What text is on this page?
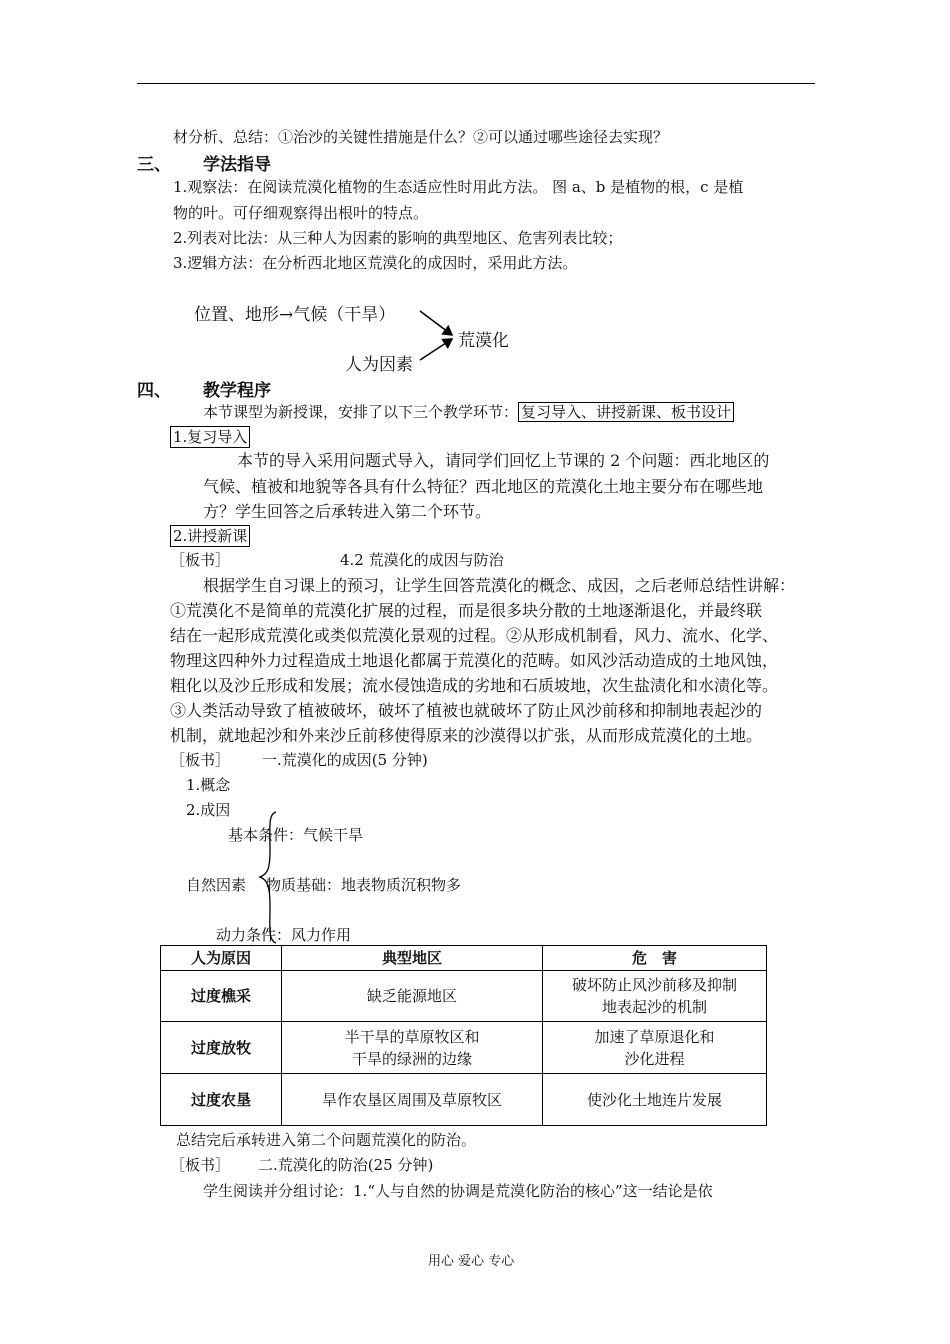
材分析、总结：①治沙的关键性措施是什么？②可以通过哪些途径去实现？
三、 学法指导
1.观察法：在阅读荒漠化植物的生态适应性时用此方法。 图 a、b 是植物的根，c 是植
物的叶。可仔细观察得出根叶的特点。
2.列表对比法：从三种人为因素的影响的典型地区、危害列表比较；
3.逻辑方法：在分析西北地区荒漠化的成因时，采用此方法。
位置、地形→气候（干旱）
荒漠化
人为因素
四、 教学程序
本节课型为新授课，安排了以下三个教学环节： 复习导入、讲授新课、板书设计
1.复习导入
本节的导入采用问题式导入，请同学们回忆上节课的 2 个问题：西北地区的
气候、植被和地貌等各具有什么特征？西北地区的荒漠化土地主要分布在哪些地
方？学生回答之后承转进入第二个环节。
2.讲授新课
［板书］	4.2 荒漠化的成因与防治
根据学生自习课上的预习，让学生回答荒漠化的概念、成因，之后老师总结性讲解：
①荒漠化不是简单的荒漠化扩展的过程，而是很多块分散的土地逐渐退化，并最终联
结在一起形成荒漠化或类似荒漠化景观的过程。②从形成机制看，风力、流水、化学、
物理这四种外力过程造成土地退化都属于荒漠化的范畴。如风沙活动造成的土地风蚀，
粗化以及沙丘形成和发展；流水侵蚀造成的劣地和石质坡地，次生盐渍化和水渍化等。
③人类活动导致了植被破坏，破坏了植被也就破坏了防止风沙前移和抑制地表起沙的
机制，就地起沙和外来沙丘前移使得原来的沙漠得以扩张，从而形成荒漠化的土地。
［板书］ 一.荒漠化的成因(5 分钟)
1.概念
2.成因
基本条件：气候干旱
自然因素 物质基础：地表物质沉积物多
动力条件：风力作用
人为原因	典型地区	危　害
过度樵采	缺乏能源地区	破坏防止风沙前移及抑制
地表起沙的机制
过度放牧	半干旱的草原牧区和
干旱的绿洲的边缘	加速了草原退化和
沙化进程
过度农垦	旱作农垦区周围及草原牧区	使沙化土地连片发展
总结完后承转进入第二个问题荒漠化的防治。
［板书］ 二.荒漠化的防治(25 分钟)
学生阅读并分组讨论：1.“人与自然的协调是荒漠化防治的核心”这一结论是依
用心 爱心 专心
